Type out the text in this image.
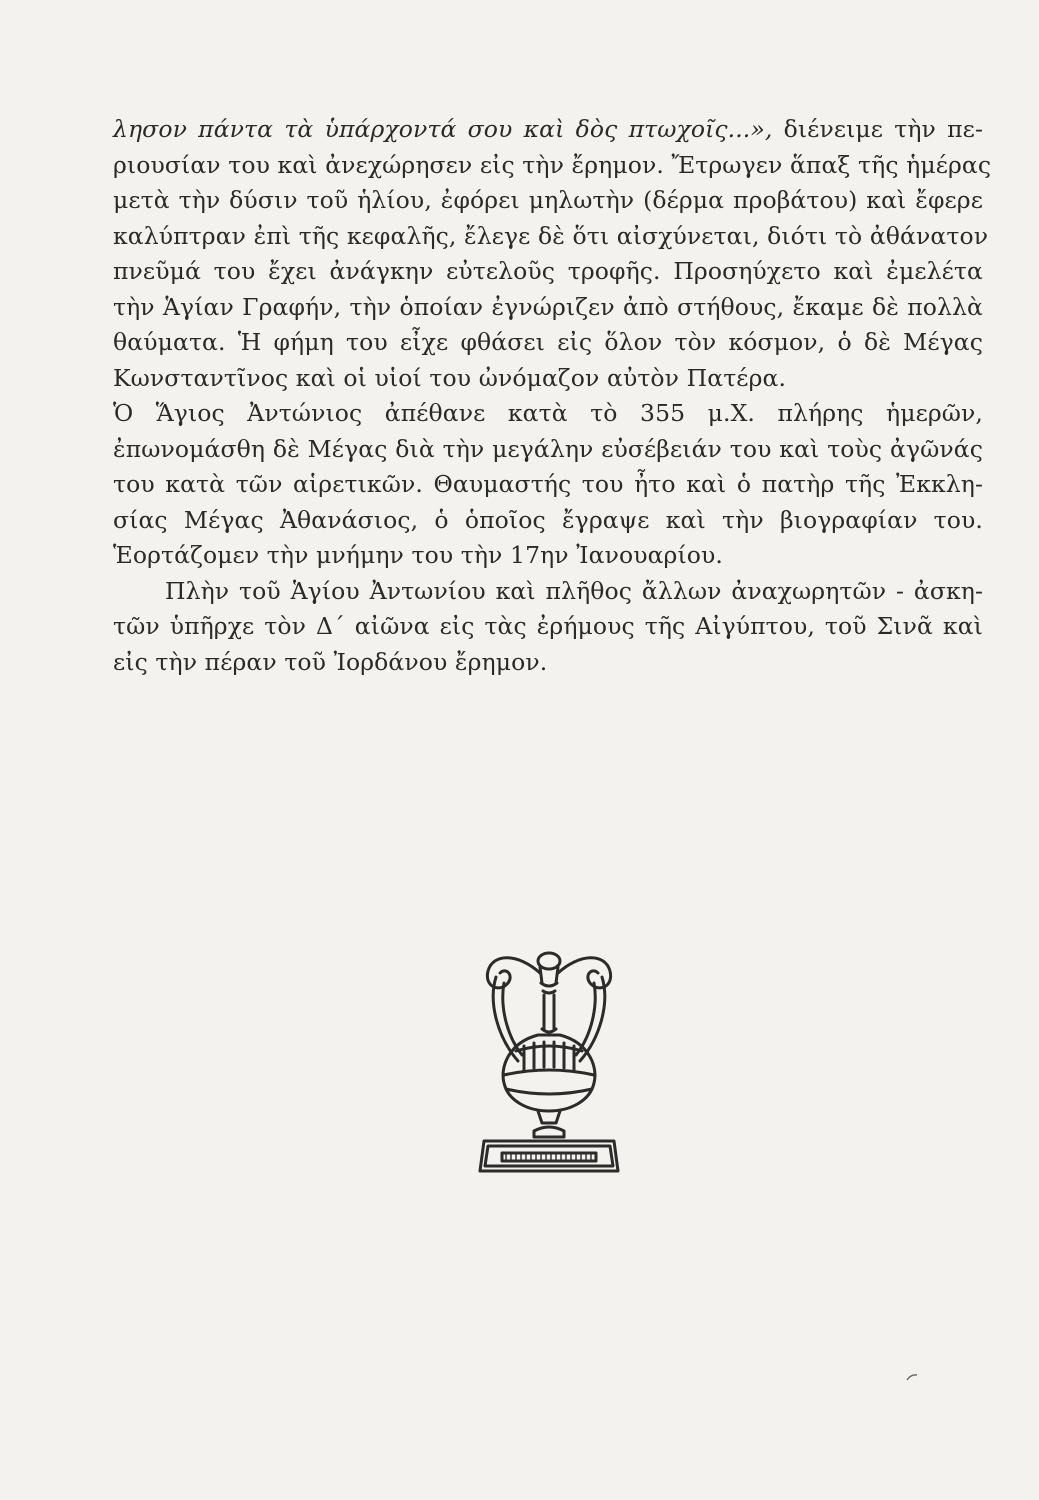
λησον πάντα τὰ ὑπάρχοντά σου καὶ δὸς πτωχοῖς...», διένειμε τὴν πε-
ριουσίαν του καὶ ἀνεχώρησεν εἰς τὴν ἔρημον. Ἔτρωγεν ἅπαξ τῆς ἡμέρας
μετὰ τὴν δύσιν τοῦ ἡλίου, ἐφόρει μηλωτὴν (δέρμα προβάτου) καὶ ἔφερε
καλύπτραν ἐπὶ τῆς κεφαλῆς, ἔλεγε δὲ ὅτι αἰσχύνεται, διότι τὸ ἀθάνατον
πνεῦμά του ἔχει ἀνάγκην εὐτελοῦς τροφῆς. Προσηύχετο καὶ ἐμελέτα
τὴν Ἁγίαν Γραφήν, τὴν ὁποίαν ἐγνώριζεν ἀπὸ στήθους, ἔκαμε δὲ πολλὰ
θαύματα. Ἡ φήμη του εἶχε φθάσει εἰς ὅλον τὸν κόσμον, ὁ δὲ Μέγας
Κωνσταντῖνος καὶ οἱ υἱοί του ὠνόμαζον αὐτὸν Πατέρα.
Ὁ Ἅγιος Ἀντώνιος ἀπέθανε κατὰ τὸ 355 μ.Χ. πλήρης ἡμερῶν,
ἐπωνομάσθη δὲ Μέγας διὰ τὴν μεγάλην εὐσέβειάν του καὶ τοὺς ἀγῶνάς
του κατὰ τῶν αἱρετικῶν. Θαυμαστής του ἦτο καὶ ὁ πατὴρ τῆς Ἐκκλη-
σίας Μέγας Ἀθανάσιος, ὁ ὁποῖος ἔγραψε καὶ τὴν βιογραφίαν του.
Ἑορτάζομεν τὴν μνήμην του τὴν 17ην Ἰανουαρίου.
Πλὴν τοῦ Ἁγίου Ἀντωνίου καὶ πλῆθος ἄλλων ἀναχωρητῶν - ἀσκη-
τῶν ὑπῆρχε τὸν Δ΄ αἰῶνα εἰς τὰς ἐρήμους τῆς Αἰγύπτου, τοῦ Σινᾶ καὶ
εἰς τὴν πέραν τοῦ Ἰορδάνου ἔρημον.
